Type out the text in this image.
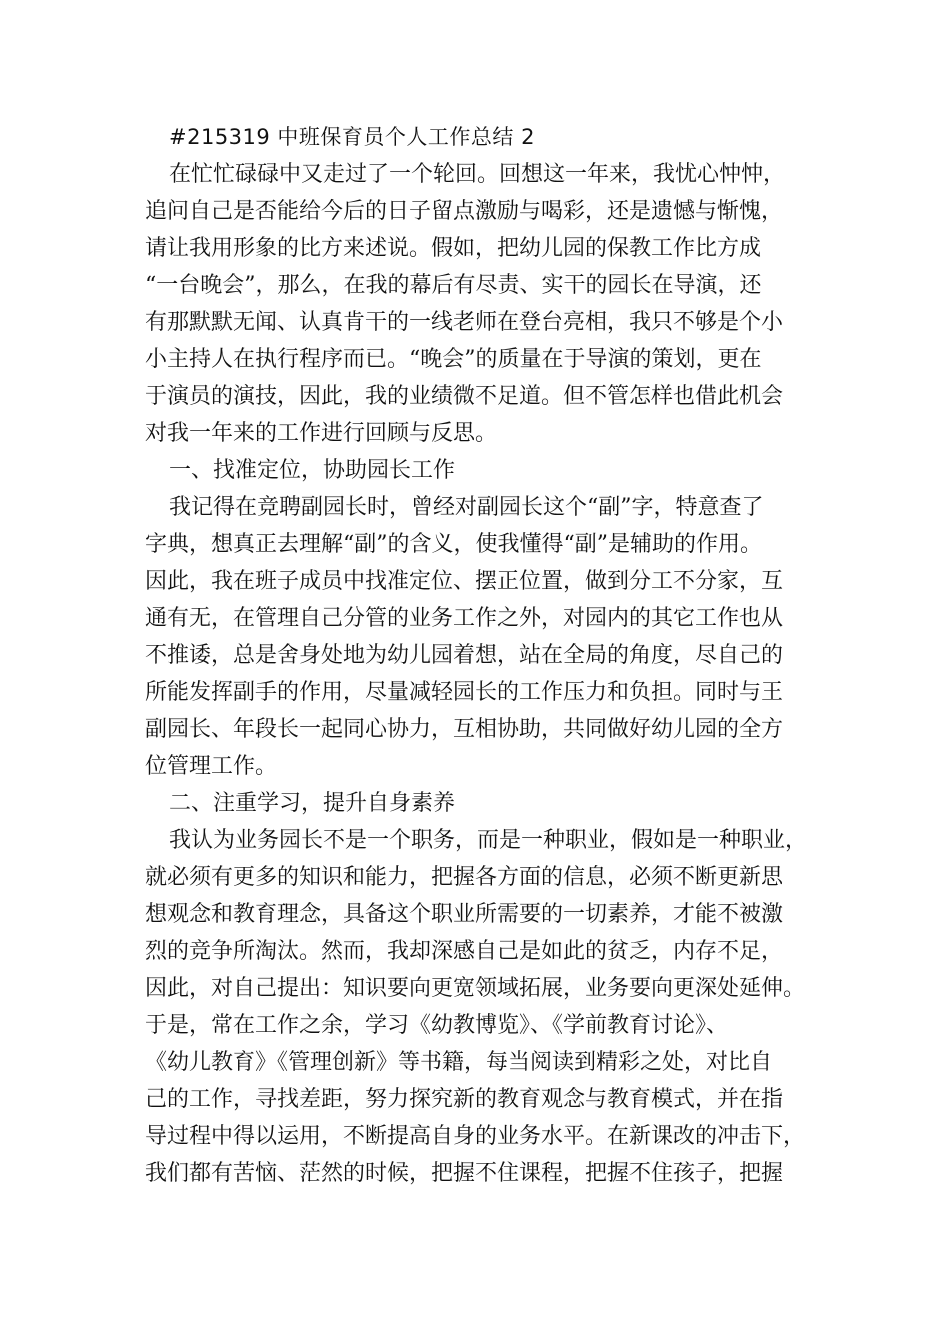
#215319 中班保育员个人工作总结 2
在忙忙碌碌中又走过了一个轮回。回想这一年来，我忧心忡忡，
追问自己是否能给今后的日子留点激励与喝彩，还是遗憾与惭愧，
请让我用形象的比方来述说。假如，把幼儿园的保教工作比方成
“一台晚会”，那么，在我的幕后有尽责、实干的园长在导演，还
有那默默无闻、认真肯干的一线老师在登台亮相，我只不够是个小
小主持人在执行程序而已。“晚会”的质量在于导演的策划，更在
于演员的演技，因此，我的业绩微不足道。但不管怎样也借此机会
对我一年来的工作进行回顾与反思。
一、找准定位，协助园长工作
我记得在竞聘副园长时，曾经对副园长这个“副”字，特意查了
字典，想真正去理解“副”的含义，使我懂得“副”是辅助的作用。
因此，我在班子成员中找准定位、摆正位置，做到分工不分家，互
通有无，在管理自己分管的业务工作之外，对园内的其它工作也从
不推诿，总是舍身处地为幼儿园着想，站在全局的角度，尽自己的
所能发挥副手的作用，尽量减轻园长的工作压力和负担。同时与王
副园长、年段长一起同心协力，互相协助，共同做好幼儿园的全方
位管理工作。
二、注重学习，提升自身素养
我认为业务园长不是一个职务，而是一种职业，假如是一种职业，
就必须有更多的知识和能力，把握各方面的信息，必须不断更新思
想观念和教育理念，具备这个职业所需要的一切素养，才能不被激
烈的竞争所淘汰。然而，我却深感自己是如此的贫乏，内存不足，
因此，对自己提出：知识要向更宽领域拓展，业务要向更深处延伸。
于是，常在工作之余，学习《幼教博览》、《学前教育讨论》、
《幼儿教育》《管理创新》等书籍，每当阅读到精彩之处，对比自
己的工作，寻找差距，努力探究新的教育观念与教育模式，并在指
导过程中得以运用，不断提高自身的业务水平。在新课改的冲击下，
我们都有苦恼、茫然的时候，把握不住课程，把握不住孩子，把握
